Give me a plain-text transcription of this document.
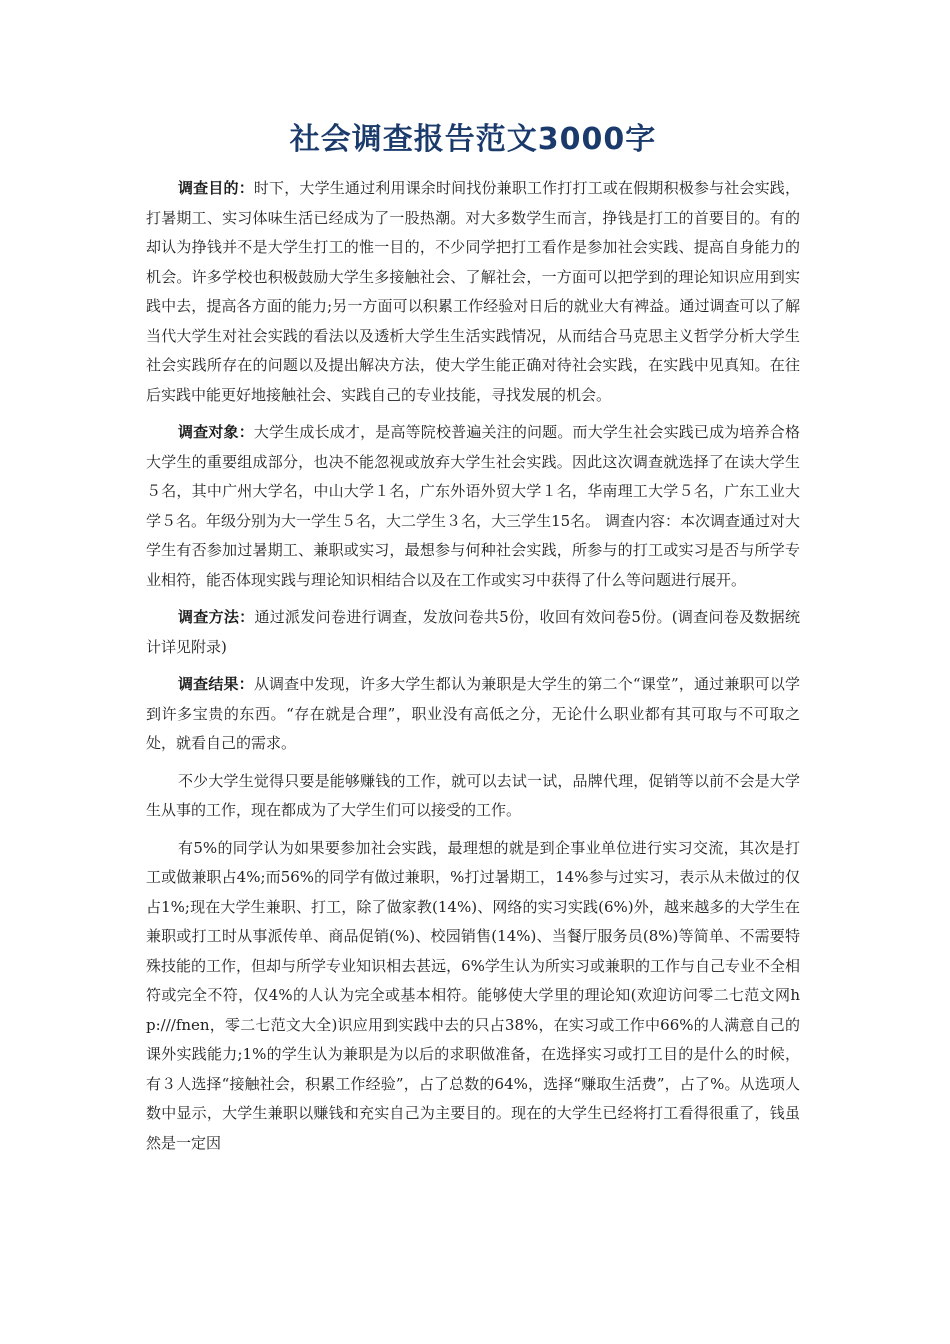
社会调查报告范文3000字

调查目的：时下，大学生通过利用课余时间找份兼职工作打打工或在假期积极参与社会实践，打暑期工、实习体味生活已经成为了一股热潮。对大多数学生而言，挣钱是打工的首要目的。有的却认为挣钱并不是大学生打工的惟一目的，不少同学把打工看作是参加社会实践、提高自身能力的机会。许多学校也积极鼓励大学生多接触社会、了解社会，一方面可以把学到的理论知识应用到实践中去，提高各方面的能力;另一方面可以积累工作经验对日后的就业大有裨益。通过调查可以了解当代大学生对社会实践的看法以及透析大学生生活实践情况，从而结合马克思主义哲学分析大学生社会实践所存在的问题以及提出解决方法，使大学生能正确对待社会实践，在实践中见真知。在往后实践中能更好地接触社会、实践自己的专业技能，寻找发展的机会。

调查对象：大学生成长成才，是高等院校普遍关注的问题。而大学生社会实践已成为培养合格大学生的重要组成部分，也决不能忽视或放弃大学生社会实践。因此这次调查就选择了在读大学生５名，其中广州大学名，中山大学１名，广东外语外贸大学１名，华南理工大学５名，广东工业大学５名。年级分别为大一学生５名，大二学生３名，大三学生15名。 调查内容：本次调查通过对大学生有否参加过暑期工、兼职或实习，最想参与何种社会实践，所参与的打工或实习是否与所学专业相符，能否体现实践与理论知识相结合以及在工作或实习中获得了什么等问题进行展开。

调查方法：通过派发问卷进行调查，发放问卷共5份，收回有效问卷5份。(调查问卷及数据统计详见附录)

调查结果：从调查中发现，许多大学生都认为兼职是大学生的第二个“课堂”，通过兼职可以学到许多宝贵的东西。“存在就是合理”，职业没有高低之分，无论什么职业都有其可取与不可取之处，就看自己的需求。

不少大学生觉得只要是能够赚钱的工作，就可以去试一试，品牌代理，促销等以前不会是大学生从事的工作，现在都成为了大学生们可以接受的工作。

有5%的同学认为如果要参加社会实践，最理想的就是到企事业单位进行实习交流，其次是打工或做兼职占4%;而56%的同学有做过兼职，%打过暑期工，14%参与过实习，表示从未做过的仅占1%;现在大学生兼职、打工，除了做家教(14%)、网络的实习实践(6%)外，越来越多的大学生在兼职或打工时从事派传单、商品促销(%)、校园销售(14%)、当餐厅服务员(8%)等简单、不需要特殊技能的工作，但却与所学专业知识相去甚远，6%学生认为所实习或兼职的工作与自己专业不全相符或完全不符，仅4%的人认为完全或基本相符。能够使大学里的理论知(欢迎访问零二七范文网hp:///fnen，零二七范文大全)识应用到实践中去的只占38%，在实习或工作中66%的人满意自己的课外实践能力;1%的学生认为兼职是为以后的求职做准备，在选择实习或打工目的是什么的时候，有３人选择“接触社会，积累工作经验”，占了总数的64%，选择“赚取生活费”，占了%。从选项人数中显示，大学生兼职以赚钱和充实自己为主要目的。现在的大学生已经将打工看得很重了，钱虽然是一定因
